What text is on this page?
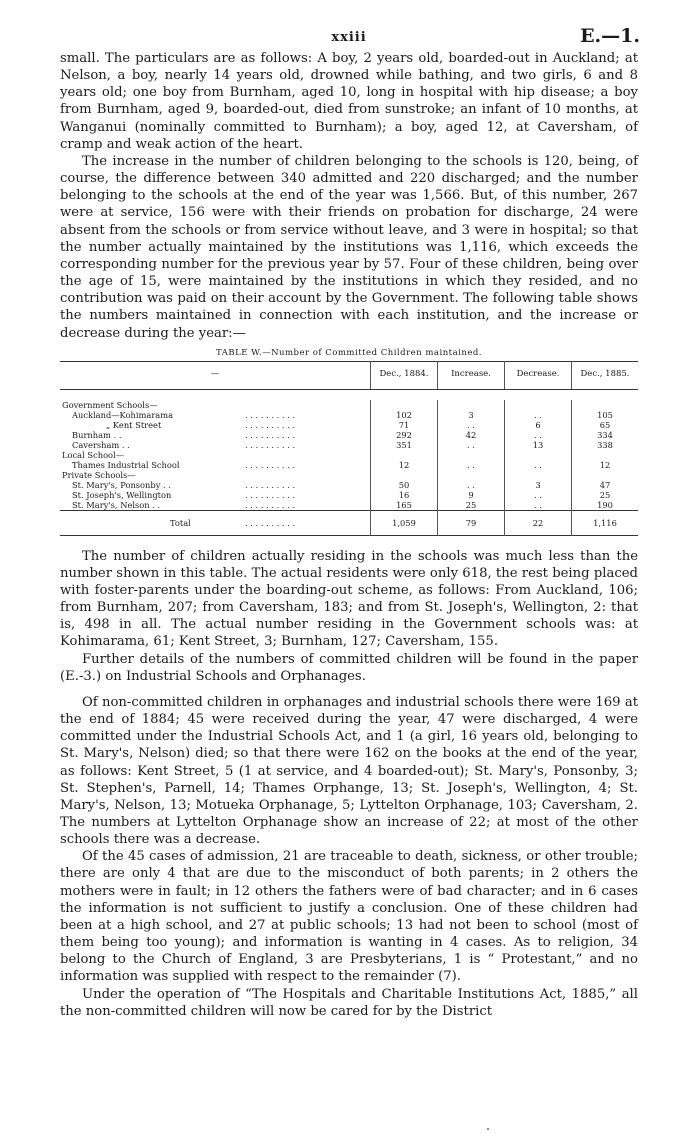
xxiii	E.—1.

small. The particulars are as follows: A boy, 2 years old, boarded-out in Auckland; at Nelson, a boy, nearly 14 years old, drowned while bathing, and two girls, 6 and 8 years old; one boy from Burnham, aged 10, long in hospital with hip disease; a boy from Burnham, aged 9, boarded-out, died from sunstroke; an infant of 10 months, at Wanganui (nominally committed to Burnham); a boy, aged 12, at Caversham, of cramp and weak action of the heart.

The increase in the number of children belonging to the schools is 120, being, of course, the difference between 340 admitted and 220 discharged; and the number belonging to the schools at the end of the year was 1,566. But, of this number, 267 were at service, 156 were with their friends on probation for discharge, 24 were absent from the schools or from service without leave, and 3 were in hospital; so that the number actually maintained by the institutions was 1,116, which exceeds the corresponding number for the previous year by 57. Four of these children, being over the age of 15, were maintained by the institutions in which they resided, and no contribution was paid on their account by the Government. The following table shows the numbers maintained in connection with each institution, and the increase or decrease during the year:—

TABLE W.—Number of Committed Children maintained.
—	Dec., 1884.	Increase.	Decrease.	Dec., 1885.

Government Schools—				
Auckland—Kohimarama . . . . . . . . . .	102	3	. .	105
„ Kent Street . . . . . . . . . .	71	. .	6	65
Burnham . . . . . . . . . . . .	292	42	. .	334
Caversham . . . . . . . . . . . .	351	. .	13	338
Local School—				
Thames Industrial School . . . . . . . . . .	12	. .	. .	12
Private Schools—				
St. Mary's, Ponsonby . . . . . . . . . . . .	50	. .	3	47
St. Joseph's, Wellington . . . . . . . . . .	16	9	. .	25
St. Mary's, Nelson . . . . . . . . . . . .	165	25	. .	190
Total . . . . . . . . . .	1,059	79	22	1,116

The number of children actually residing in the schools was much less than the number shown in this table. The actual residents were only 618, the rest being placed with foster-parents under the boarding-out scheme, as follows: From Auckland, 106; from Burnham, 207; from Caversham, 183; and from St. Joseph's, Wellington, 2: that is, 498 in all. The actual number residing in the Government schools was: at Kohimarama, 61; Kent Street, 3; Burnham, 127; Caversham, 155.

Further details of the numbers of committed children will be found in the paper (E.-3.) on Industrial Schools and Orphanages.

Of non-committed children in orphanages and industrial schools there were 169 at the end of 1884; 45 were received during the year, 47 were discharged, 4 were committed under the Industrial Schools Act, and 1 (a girl, 16 years old, belonging to St. Mary's, Nelson) died; so that there were 162 on the books at the end of the year, as follows: Kent Street, 5 (1 at service, and 4 boarded-out); St. Mary's, Ponsonby, 3; St. Stephen's, Parnell, 14; Thames Orphange, 13; St. Joseph's, Wellington, 4; St. Mary's, Nelson, 13; Motueka Orphanage, 5; Lyttelton Orphanage, 103; Caversham, 2. The numbers at Lyttelton Orphanage show an increase of 22; at most of the other schools there was a decrease.

Of the 45 cases of admission, 21 are traceable to death, sickness, or other trouble; there are only 4 that are due to the misconduct of both parents; in 2 others the mothers were in fault; in 12 others the fathers were of bad character; and in 6 cases the information is not sufficient to justify a conclusion. One of these children had been at a high school, and 27 at public schools; 13 had not been to school (most of them being too young); and information is wanting in 4 cases. As to religion, 34 belong to the Church of England, 3 are Presbyterians, 1 is “ Protestant,” and no information was supplied with respect to the remainder (7).

Under the operation of “The Hospitals and Charitable Institutions Act, 1885,” all the non-committed children will now be cared for by the District
